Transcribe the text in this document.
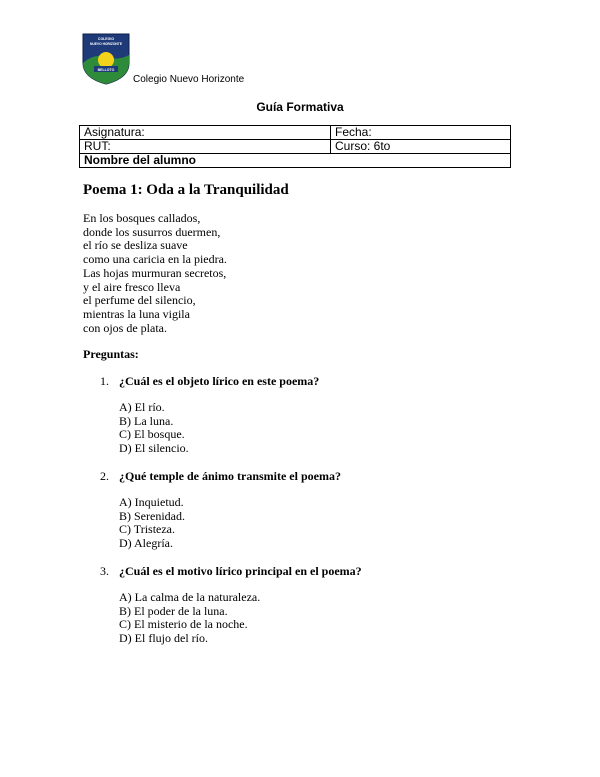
COLEGIO
NUEVO HORIZONTE
BELLOTO
Colegio Nuevo Horizonte
Guía Formativa
Asignatura:	Fecha:
RUT:	Curso: 6to
Nombre del alumno	
Poema 1: Oda a la Tranquilidad
En los bosques callados,
donde los susurros duermen,
el río se desliza suave
como una caricia en la piedra.
Las hojas murmuran secretos,
y el aire fresco lleva
el perfume del silencio,
mientras la luna vigila
con ojos de plata.
Preguntas:
1. ¿Cuál es el objeto lírico en este poema?
A) El río.
B) La luna.
C) El bosque.
D) El silencio.
2. ¿Qué temple de ánimo transmite el poema?
A) Inquietud.
B) Serenidad.
C) Tristeza.
D) Alegría.
3. ¿Cuál es el motivo lírico principal en el poema?
A) La calma de la naturaleza.
B) El poder de la luna.
C) El misterio de la noche.
D) El flujo del río.
